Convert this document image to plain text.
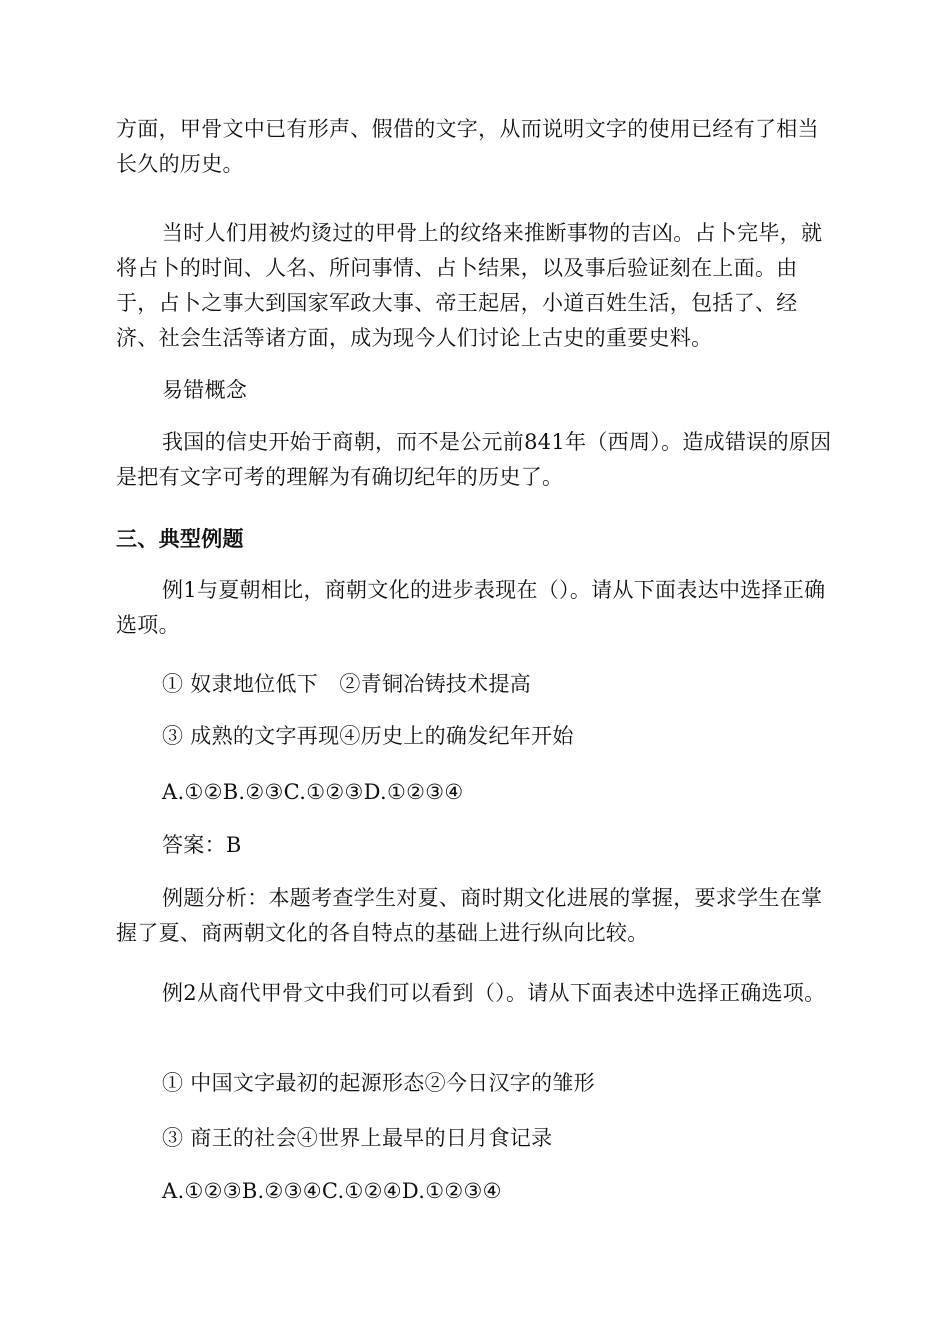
方面，甲骨文中已有形声、假借的文字，从而说明文字的使用已经有了相当长久的历史。

当时人们用被灼烫过的甲骨上的纹络来推断事物的吉凶。占卜完毕，就将占卜的时间、人名、所问事情、占卜结果，以及事后验证刻在上面。由于，占卜之事大到国家军政大事、帝王起居，小道百姓生活，包括了、经济、社会生活等诸方面，成为现今人们讨论上古史的重要史料。

易错概念

我国的信史开始于商朝，而不是公元前841年（西周）。造成错误的原因是把有文字可考的理解为有确切纪年的历史了。

三、典型例题

例1与夏朝相比，商朝文化的进步表现在（）。请从下面表达中选择正确选项。

① 奴隶地位低下　②青铜冶铸技术提高

③ 成熟的文字再现④历史上的确发纪年开始

A.①②B.②③C.①②③D.①②③④

答案：B

例题分析：本题考查学生对夏、商时期文化进展的掌握，要求学生在掌握了夏、商两朝文化的各自特点的基础上进行纵向比较。

例2从商代甲骨文中我们可以看到（）。请从下面表述中选择正确选项。

① 中国文字最初的起源形态②今日汉字的雏形

③ 商王的社会④世界上最早的日月食记录

A.①②③B.②③④C.①②④D.①②③④
